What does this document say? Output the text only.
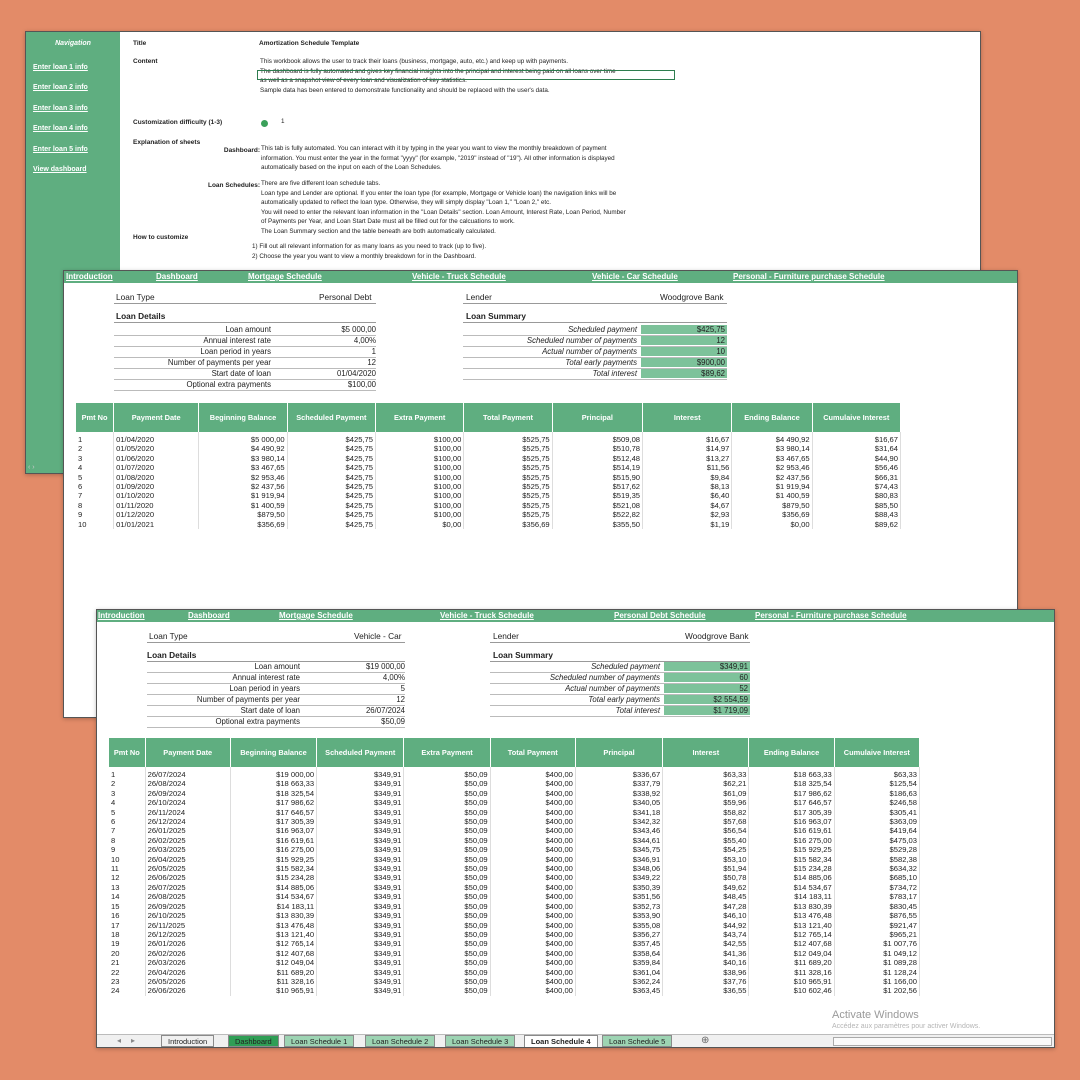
Navigation
Enter loan 1 info
Enter loan 2 info
Enter loan 3 info
Enter loan 4 info
Enter loan 5 info
View dashboard
‹ ›
Title	Amortization Schedule Template
Content	This workbook allows the user to track their loans (business, mortgage, auto, etc.) and keep up with payments.
The dashboard is fully automated and gives key financial insights into the principal and interest being paid on all loans over time
as well as a snapshot view of every loan and visualization of key statistics.
Sample data has been entered to demonstrate functionality and should be replaced with the user's data.
Customization difficulty (1-3)	1
Explanation of sheets
Dashboard: This tab is fully automated. You can interact with it by typing in the year you want to view the monthly breakdown of payment
information. You must enter the year in the format "yyyy" (for example, "2019" instead of "19"). All other information is displayed
automatically based on the input on each of the Loan Schedules.
Loan Schedules: There are five different loan schedule tabs.
Loan type and Lender are optional. If you enter the loan type (for example, Mortgage or Vehicle loan) the navigation links will be
automatically updated to reflect the loan type. Otherwise, they will simply display "Loan 1," "Loan 2," etc.
You will need to enter the relevant loan information in the "Loan Details" section. Loan Amount, Interest Rate, Loan Period, Number
of Payments per Year, and Loan Start Date must all be filled out for the calcuations to work.
The Loan Summary section and the table beneath are both automatically calculated.
How to customize
1) Fill out all relevant information for as many loans as you need to track (up to five).
2) Choose the year you want to view a monthly breakdown for in the Dashboard.
Introduction	Dashboard	Mortgage Schedule	Vehicle - Truck Schedule	Vehicle - Car Schedule	Personal - Furniture purchase Schedule
Loan Type	Personal Debt	Lender	Woodgrove Bank
Loan Details	Loan Summary
Loan amount	$5 000,00
Annual interest rate	4,00%
Loan period in years	1
Number of payments per year	12
Start date of loan	01/04/2020
Optional extra payments	$100,00
Scheduled payment	$425,75
Scheduled number of payments	12
Actual number of payments	10
Total early payments	$900,00
Total interest	$89,62
Pmt No	Payment Date	Beginning Balance	Scheduled Payment	Extra Payment	Total Payment	Principal	Interest	Ending Balance	Cumulaive Interest
1	01/04/2020	$5 000,00	$425,75	$100,00	$525,75	$509,08	$16,67	$4 490,92	$16,67
2	01/05/2020	$4 490,92	$425,75	$100,00	$525,75	$510,78	$14,97	$3 980,14	$31,64
3	01/06/2020	$3 980,14	$425,75	$100,00	$525,75	$512,48	$13,27	$3 467,65	$44,90
4	01/07/2020	$3 467,65	$425,75	$100,00	$525,75	$514,19	$11,56	$2 953,46	$56,46
5	01/08/2020	$2 953,46	$425,75	$100,00	$525,75	$515,90	$9,84	$2 437,56	$66,31
6	01/09/2020	$2 437,56	$425,75	$100,00	$525,75	$517,62	$8,13	$1 919,94	$74,43
7	01/10/2020	$1 919,94	$425,75	$100,00	$525,75	$519,35	$6,40	$1 400,59	$80,83
8	01/11/2020	$1 400,59	$425,75	$100,00	$525,75	$521,08	$4,67	$879,50	$85,50
9	01/12/2020	$879,50	$425,75	$100,00	$525,75	$522,82	$2,93	$356,69	$88,43
10	01/01/2021	$356,69	$425,75	$0,00	$356,69	$355,50	$1,19	$0,00	$89,62
Introduction	Dashboard	Mortgage Schedule	Vehicle - Truck Schedule	Personal Debt Schedule	Personal - Furniture purchase Schedule
Loan Type	Vehicle - Car	Lender	Woodgrove Bank
Loan Details	Loan Summary
Loan amount	$19 000,00
Annual interest rate	4,00%
Loan period in years	5
Number of payments per year	12
Start date of loan	26/07/2024
Optional extra payments	$50,09
Scheduled payment	$349,91
Scheduled number of payments	60
Actual number of payments	52
Total early payments	$2 554,59
Total interest	$1 719,09
Pmt No	Payment Date	Beginning Balance	Scheduled Payment	Extra Payment	Total Payment	Principal	Interest	Ending Balance	Cumulaive Interest
1	26/07/2024	$19 000,00	$349,91	$50,09	$400,00	$336,67	$63,33	$18 663,33	$63,33
2	26/08/2024	$18 663,33	$349,91	$50,09	$400,00	$337,79	$62,21	$18 325,54	$125,54
3	26/09/2024	$18 325,54	$349,91	$50,09	$400,00	$338,92	$61,09	$17 986,62	$186,63
4	26/10/2024	$17 986,62	$349,91	$50,09	$400,00	$340,05	$59,96	$17 646,57	$246,58
5	26/11/2024	$17 646,57	$349,91	$50,09	$400,00	$341,18	$58,82	$17 305,39	$305,41
6	26/12/2024	$17 305,39	$349,91	$50,09	$400,00	$342,32	$57,68	$16 963,07	$363,09
7	26/01/2025	$16 963,07	$349,91	$50,09	$400,00	$343,46	$56,54	$16 619,61	$419,64
8	26/02/2025	$16 619,61	$349,91	$50,09	$400,00	$344,61	$55,40	$16 275,00	$475,03
9	26/03/2025	$16 275,00	$349,91	$50,09	$400,00	$345,75	$54,25	$15 929,25	$529,28
10	26/04/2025	$15 929,25	$349,91	$50,09	$400,00	$346,91	$53,10	$15 582,34	$582,38
11	26/05/2025	$15 582,34	$349,91	$50,09	$400,00	$348,06	$51,94	$15 234,28	$634,32
12	26/06/2025	$15 234,28	$349,91	$50,09	$400,00	$349,22	$50,78	$14 885,06	$685,10
13	26/07/2025	$14 885,06	$349,91	$50,09	$400,00	$350,39	$49,62	$14 534,67	$734,72
14	26/08/2025	$14 534,67	$349,91	$50,09	$400,00	$351,56	$48,45	$14 183,11	$783,17
15	26/09/2025	$14 183,11	$349,91	$50,09	$400,00	$352,73	$47,28	$13 830,39	$830,45
16	26/10/2025	$13 830,39	$349,91	$50,09	$400,00	$353,90	$46,10	$13 476,48	$876,55
17	26/11/2025	$13 476,48	$349,91	$50,09	$400,00	$355,08	$44,92	$13 121,40	$921,47
18	26/12/2025	$13 121,40	$349,91	$50,09	$400,00	$356,27	$43,74	$12 765,14	$965,21
19	26/01/2026	$12 765,14	$349,91	$50,09	$400,00	$357,45	$42,55	$12 407,68	$1 007,76
20	26/02/2026	$12 407,68	$349,91	$50,09	$400,00	$358,64	$41,36	$12 049,04	$1 049,12
21	26/03/2026	$12 049,04	$349,91	$50,09	$400,00	$359,84	$40,16	$11 689,20	$1 089,28
22	26/04/2026	$11 689,20	$349,91	$50,09	$400,00	$361,04	$38,96	$11 328,16	$1 128,24
23	26/05/2026	$11 328,16	$349,91	$50,09	$400,00	$362,24	$37,76	$10 965,91	$1 166,00
24	26/06/2026	$10 965,91	$349,91	$50,09	$400,00	$363,45	$36,55	$10 602,46	$1 202,56
Activate Windows
Accédez aux paramètres pour activer Windows.
◂ ▸	Introduction	Dashboard	Loan Schedule 1	Loan Schedule 2	Loan Schedule 3	Loan Schedule 4	Loan Schedule 5	⊕
